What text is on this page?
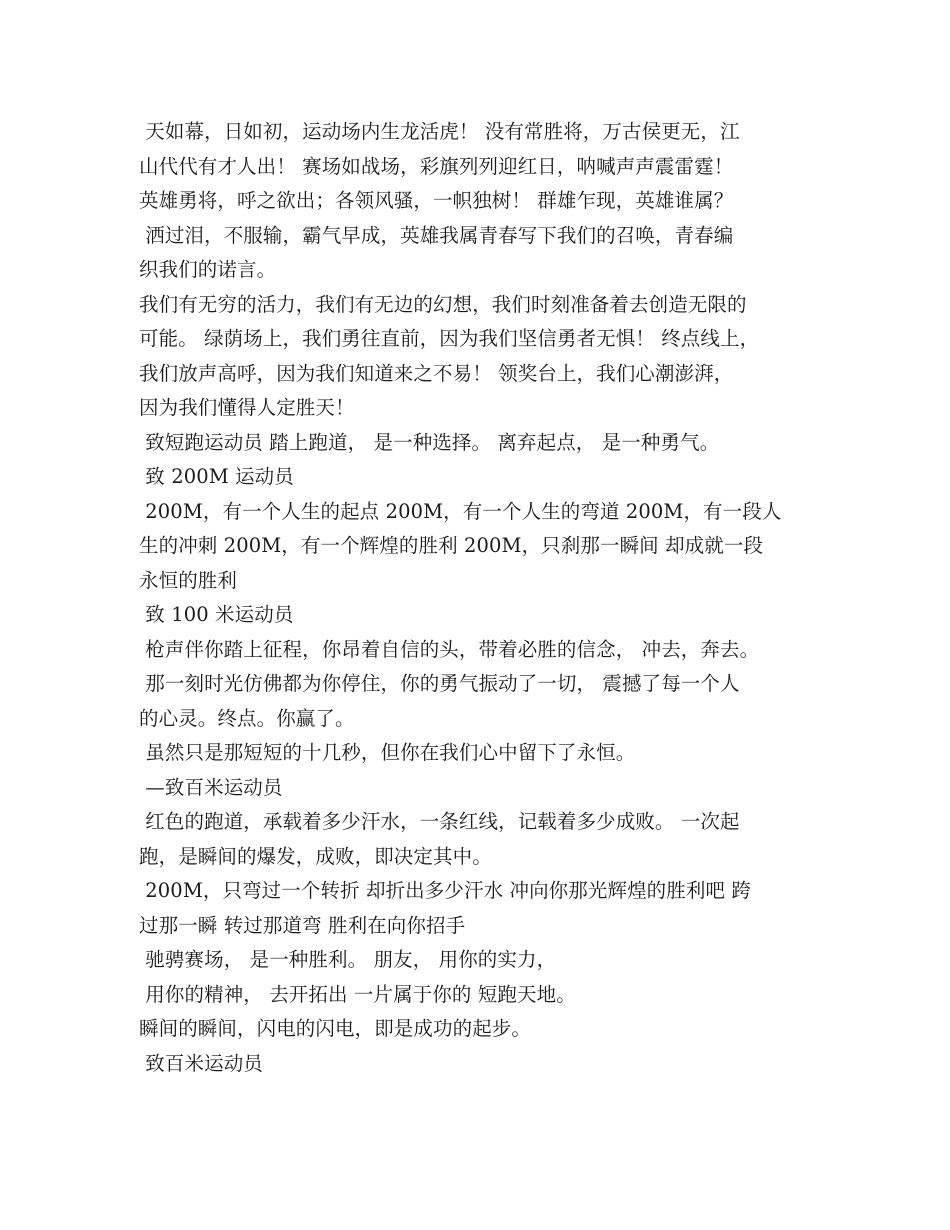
天如幕，日如初，运动场内生龙活虎！ 没有常胜将，万古侯更无，江
山代代有才人出！ 赛场如战场，彩旗列列迎红日，呐喊声声震雷霆！
英雄勇将，呼之欲出；各领风骚，一帜独树！ 群雄乍现，英雄谁属？
洒过泪，不服输，霸气早成，英雄我属青春写下我们的召唤，青春编
织我们的诺言。
我们有无穷的活力，我们有无边的幻想，我们时刻准备着去创造无限的
可能。 绿荫场上，我们勇往直前，因为我们坚信勇者无惧！ 终点线上，
我们放声高呼，因为我们知道来之不易！ 领奖台上，我们心潮澎湃，
因为我们懂得人定胜天！
致短跑运动员 踏上跑道， 是一种选择。 离弃起点， 是一种勇气。
致 200M 运动员
200M，有一个人生的起点 200M，有一个人生的弯道 200M，有一段人
生的冲刺 200M，有一个辉煌的胜利 200M，只刹那一瞬间 却成就一段
永恒的胜利
致 100 米运动员
枪声伴你踏上征程，你昂着自信的头，带着必胜的信念， 冲去，奔去。
那一刻时光仿佛都为你停住，你的勇气振动了一切， 震撼了每一个人
的心灵。终点。你赢了。
虽然只是那短短的十几秒，但你在我们心中留下了永恒。
—致百米运动员
红色的跑道，承载着多少汗水，一条红线，记载着多少成败。 一次起
跑，是瞬间的爆发，成败，即决定其中。
200M，只弯过一个转折 却折出多少汗水 冲向你那光辉煌的胜利吧 跨
过那一瞬 转过那道弯 胜利在向你招手
驰骋赛场， 是一种胜利。 朋友， 用你的实力，
用你的精神， 去开拓出 一片属于你的 短跑天地。
瞬间的瞬间，闪电的闪电，即是成功的起步。
致百米运动员
